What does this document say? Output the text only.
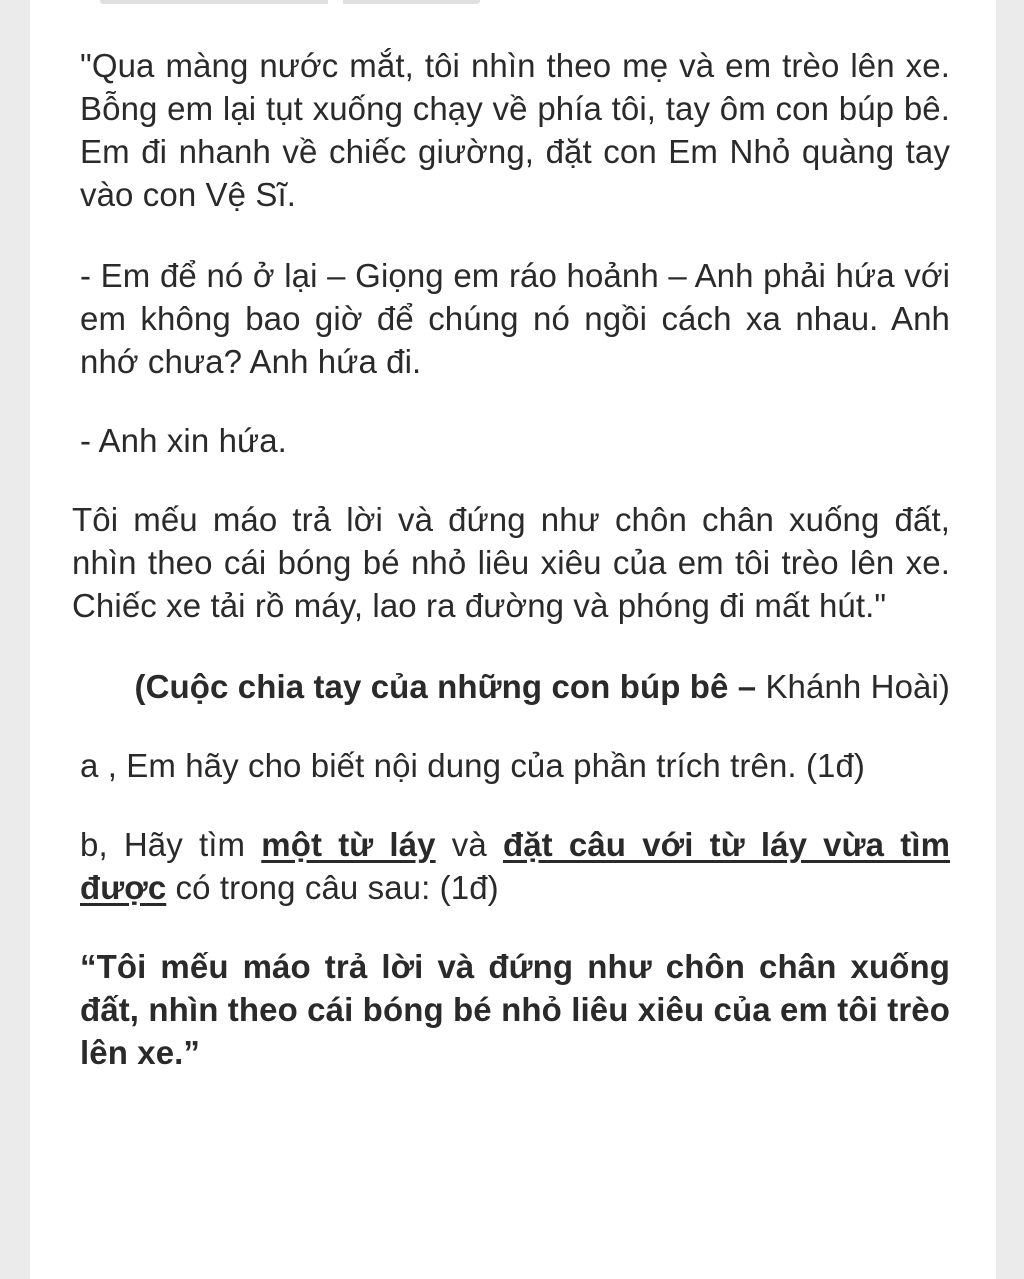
"Qua màng nước mắt, tôi nhìn theo mẹ và em trèo lên xe. Bỗng em lại tụt xuống chạy về phía tôi, tay ôm con búp bê. Em đi nhanh về chiếc giường, đặt con Em Nhỏ quàng tay vào con Vệ Sĩ.

- Em để nó ở lại – Giọng em ráo hoảnh – Anh phải hứa với em không bao giờ để chúng nó ngồi cách xa nhau. Anh nhớ chưa? Anh hứa đi.

- Anh xin hứa.

Tôi mếu máo trả lời và đứng như chôn chân xuống đất, nhìn theo cái bóng bé nhỏ liêu xiêu của em tôi trèo lên xe. Chiếc xe tải rồ máy, lao ra đường và phóng đi mất hút."

(Cuộc chia tay của những con búp bê – Khánh Hoài)

a , Em hãy cho biết nội dung của phần trích trên. (1đ)

b, Hãy tìm một từ láy và đặt câu với từ láy vừa tìm được có trong câu sau: (1đ)

“Tôi mếu máo trả lời và đứng như chôn chân xuống đất, nhìn theo cái bóng bé nhỏ liêu xiêu của em tôi trèo lên xe.”
